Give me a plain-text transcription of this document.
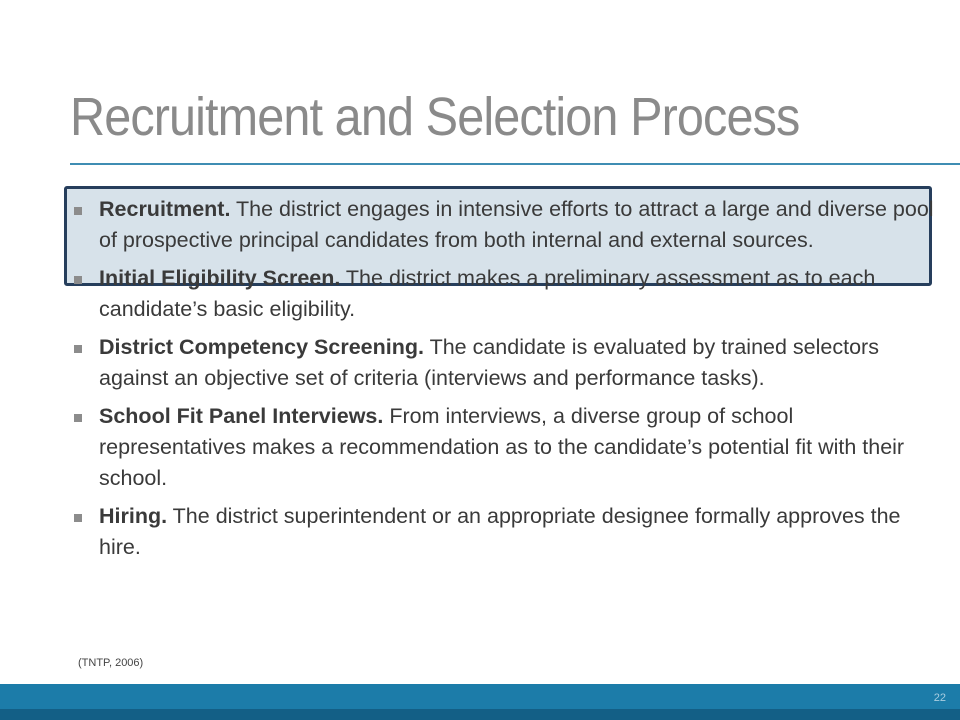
Recruitment and Selection Process
Recruitment. The district engages in intensive efforts to attract a large and diverse pool of prospective principal candidates from both internal and external sources.
Initial Eligibility Screen. The district makes a preliminary assessment as to each candidate’s basic eligibility.
District Competency Screening. The candidate is evaluated by trained selectors against an objective set of criteria (interviews and performance tasks).
School Fit Panel Interviews. From interviews, a diverse group of school representatives makes a recommendation as to the candidate’s potential fit with their school.
Hiring. The district superintendent or an appropriate designee formally approves the hire.
(TNTP, 2006)
22
